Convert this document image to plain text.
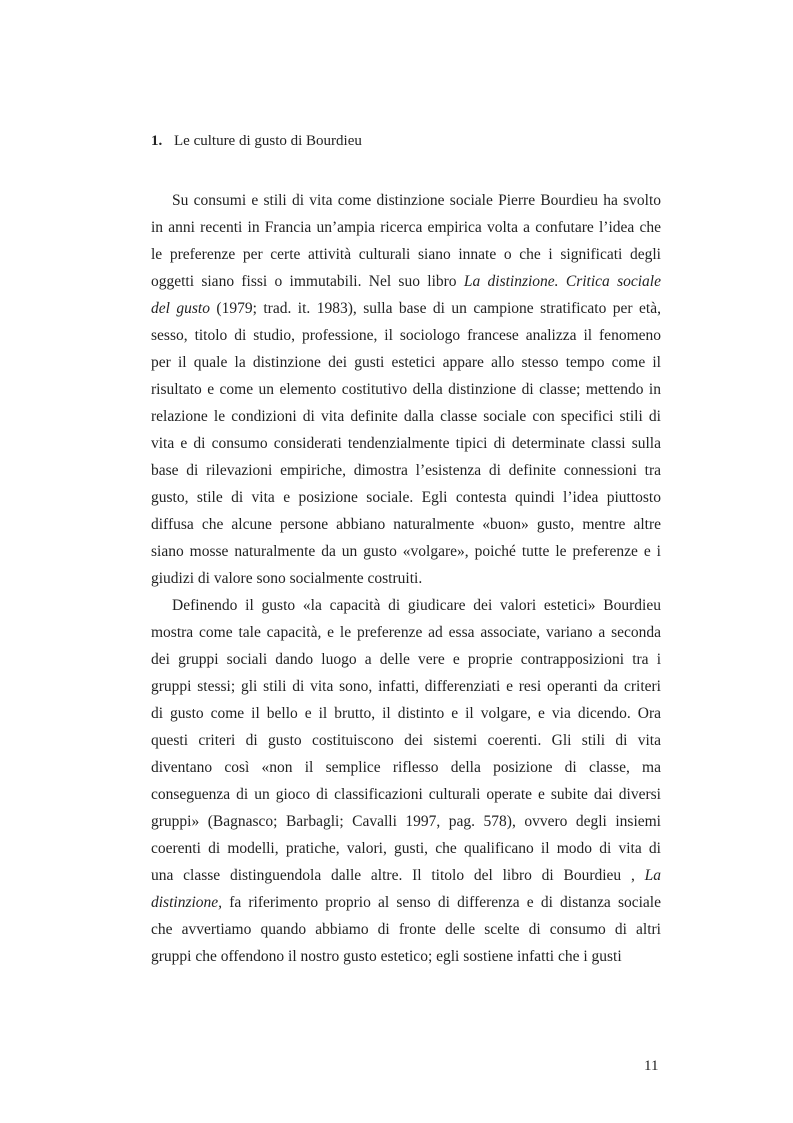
1. Le culture di gusto di Bourdieu
Su consumi e stili di vita come distinzione sociale Pierre Bourdieu ha svolto
in anni recenti in Francia un’ampia ricerca empirica volta a confutare l’idea che
le preferenze per certe attività culturali siano innate o che i significati degli
oggetti siano fissi o immutabili. Nel suo libro La distinzione. Critica sociale
del gusto (1979; trad. it. 1983), sulla base di un campione stratificato per età,
sesso, titolo di studio, professione, il sociologo francese analizza il fenomeno
per il quale la distinzione dei gusti estetici appare allo stesso tempo come il
risultato e come un elemento costitutivo della distinzione di classe; mettendo in
relazione le condizioni di vita definite dalla classe sociale con specifici stili di
vita e di consumo considerati tendenzialmente tipici di determinate classi sulla
base di rilevazioni empiriche, dimostra l’esistenza di definite connessioni tra
gusto, stile di vita e posizione sociale. Egli contesta quindi l’idea piuttosto
diffusa che alcune persone abbiano naturalmente «buon» gusto, mentre altre
siano mosse naturalmente da un gusto «volgare», poiché tutte le preferenze e i
giudizi di valore sono socialmente costruiti.
Definendo il gusto «la capacità di giudicare dei valori estetici» Bourdieu
mostra come tale capacità, e le preferenze ad essa associate, variano a seconda
dei gruppi sociali dando luogo a delle vere e proprie contrapposizioni tra i
gruppi stessi; gli stili di vita sono, infatti, differenziati e resi operanti da criteri
di gusto come il bello e il brutto, il distinto e il volgare, e via dicendo. Ora
questi criteri di gusto costituiscono dei sistemi coerenti. Gli stili di vita
diventano così «non il semplice riflesso della posizione di classe, ma
conseguenza di un gioco di classificazioni culturali operate e subite dai diversi
gruppi» (Bagnasco; Barbagli; Cavalli 1997, pag. 578), ovvero degli insiemi
coerenti di modelli, pratiche, valori, gusti, che qualificano il modo di vita di
una classe distinguendola dalle altre. Il titolo del libro di Bourdieu , La
distinzione, fa riferimento proprio al senso di differenza e di distanza sociale
che avvertiamo quando abbiamo di fronte delle scelte di consumo di altri
gruppi che offendono il nostro gusto estetico; egli sostiene infatti che i gusti
11
